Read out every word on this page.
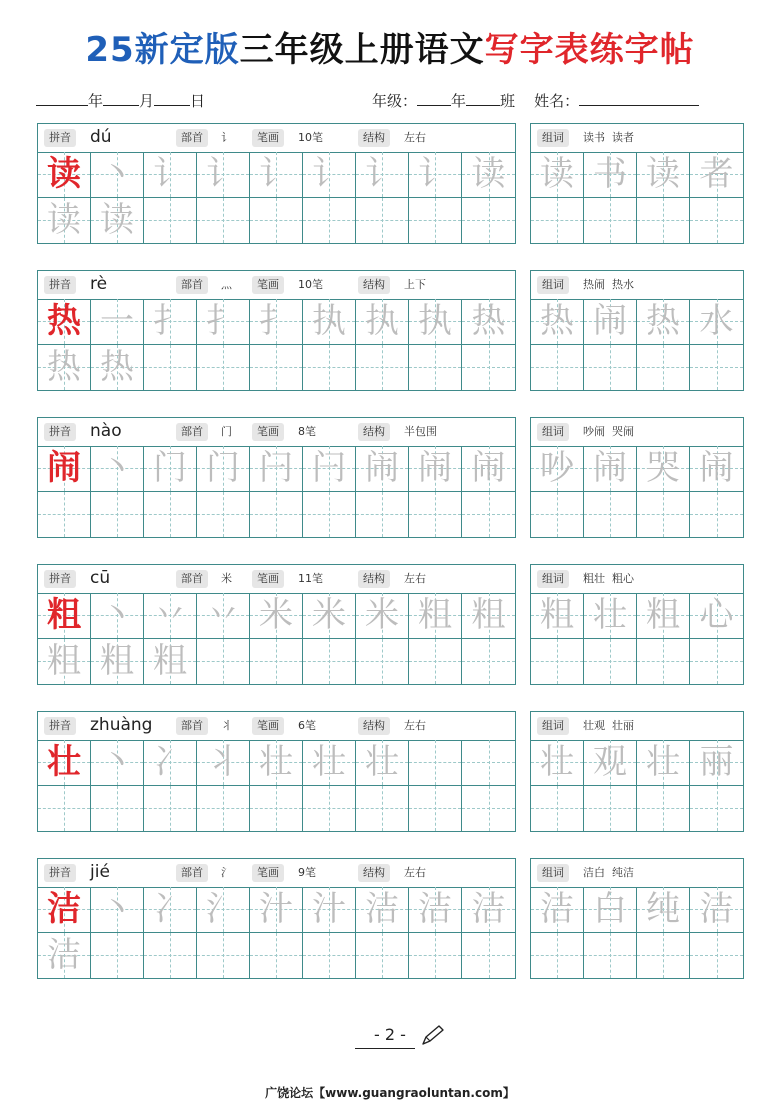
25新定版三年级上册语文写字表练字帖
年 月 日	年级： 年 班 姓名：
拼音 dú	部首	讠	笔画	10笔	结构	左右
读 丶 讠 讠 讠 讠 讠 讠 读
读 读
组词	读书  读者
读 书 读 者
拼音 rè	部首	灬	笔画	10笔	结构	上下
热 一 扌 扌 扌 执 执 执 热
热 热
组词	热闹  热水
热 闹 热 水
拼音 nào	部首	门	笔画	8笔	结构	半包围
闹 丶 门 门 闩 闩 闹 闹 闹
组词	吵闹  哭闹
吵 闹 哭 闹
拼音 cū	部首	米	笔画	11笔	结构	左右
粗 丶 丷 丷 米 米 米 粗 粗
粗 粗 粗
组词	粗壮  粗心
粗 壮 粗 心
拼音 zhuàng	部首	丬	笔画	6笔	结构	左右
壮 丶 冫 丬 壮 壮 壮
组词	壮观  壮丽
壮 观 壮 丽
拼音 jié	部首	氵	笔画	9笔	结构	左右
洁 丶 冫 氵 汁 汁 洁 洁 洁
洁
组词	洁白  纯洁
洁 白 纯 洁
- 2 -
广饶论坛【www.guangraoluntan.com】
